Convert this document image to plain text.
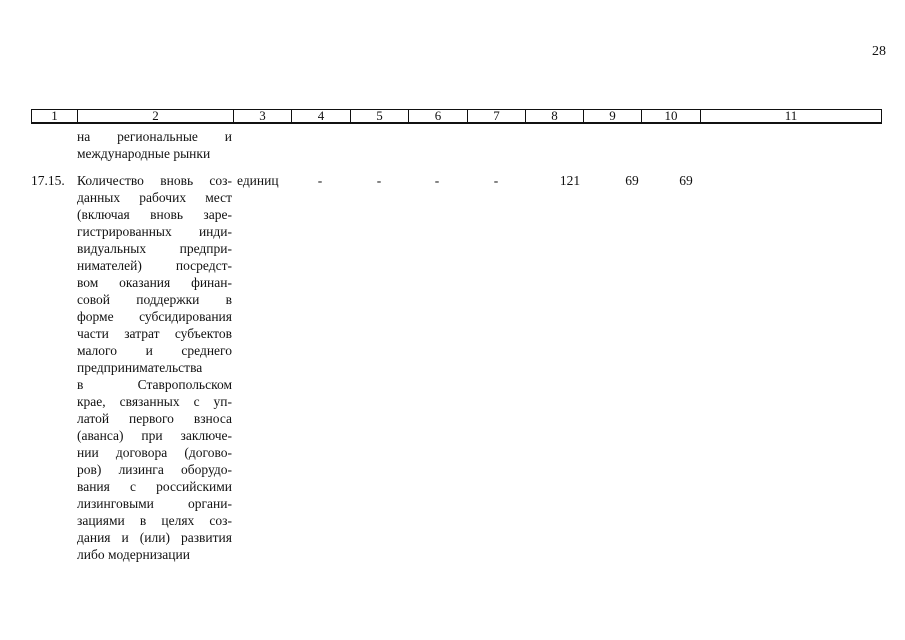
28
1	2	3	4	5	6	7	8	9	10	11
на региональные и
международные рынки
17.15. Количество вновь соз-
данных рабочих мест
(включая вновь заре-
гистрированных инди-
видуальных предпри-
нимателей) посредст-
вом оказания финан-
совой поддержки в
форме субсидирования
части затрат субъектов
малого и среднего
предпринимательства
в Ставропольском
крае, связанных с уп-
латой первого взноса
(аванса) при заключе-
нии договора (догово-
ров) лизинга оборудо-
вания с российскими
лизинговыми органи-
зациями в целях соз-
дания и (или) развития
либо модернизации
единиц	-	-	-	-	121	69	69
